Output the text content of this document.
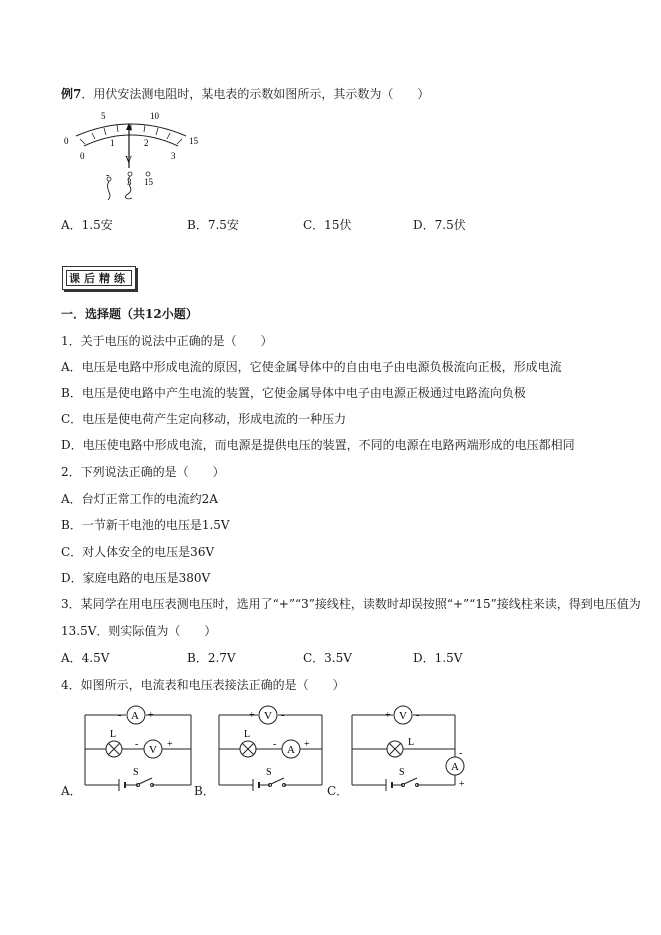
例7．用伏安法测电阻时，某电表的示数如图所示，其示数为（　　）
0
5	10
15
0
1	2
3
V
-
3 15
A．1.5安	B．7.5安	C．15伏	D．7.5伏
课后精练
一．选择题（共12小题）
1．关于电压的说法中正确的是（　　）
A．电压是电路中形成电流的原因，它使金属导体中的自由电子由电源负极流向正极，形成电流
B．电压是使电路中产生电流的装置，它使金属导体中电子由电源正极通过电路流向负极
C．电压是使电荷产生定向移动，形成电流的一种压力
D．电压使电路中形成电流，而电源是提供电压的装置，不同的电源在电路两端形成的电压都相同
2．下列说法正确的是（　　）
A．台灯正常工作的电流约2A
B．一节新干电池的电压是1.5V
C．对人体安全的电压是36V
D．家庭电路的电压是380V
3．某同学在用电压表测电压时，选用了“+”“3”接线柱，读数时却误按照“+”“15”接线柱来读，得到电压值为
13.5V．则实际值为（　　）
A．4.5V	B．2.7V	C．3.5V	D．1.5V
4．如图所示，电流表和电压表接法正确的是（　　）
A．
A
-	+
L
V
-	+
S
B．
V
+	-
L
A
-	+
S
C．
V
+	-
L
A
-
+
S
